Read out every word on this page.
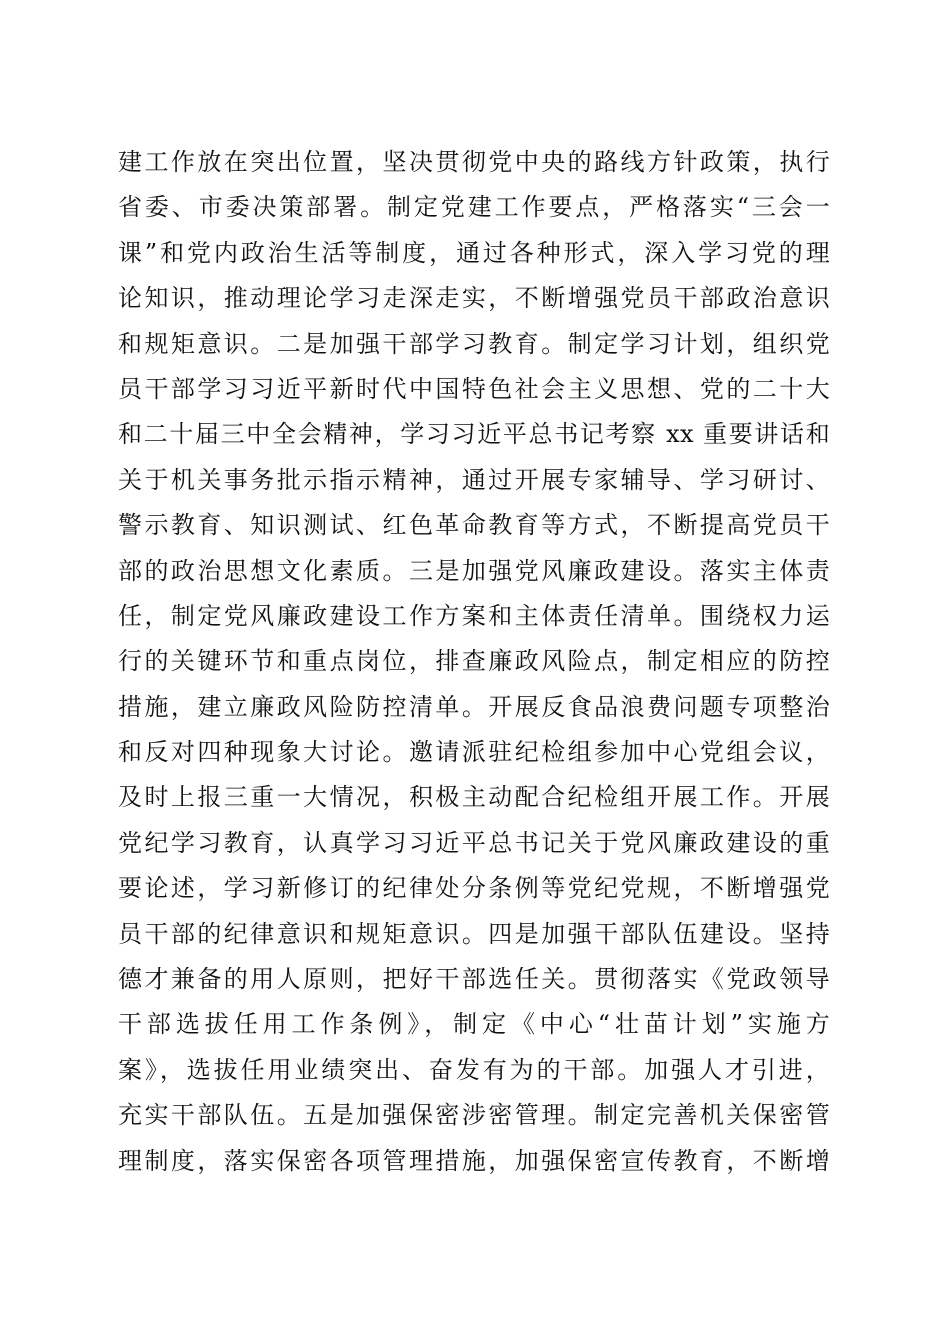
建工作放在突出位置，坚决贯彻党中央的路线方针政策，执行
省委、市委决策部署。制定党建工作要点，严格落实“三会一
课”和党内政治生活等制度，通过各种形式，深入学习党的理
论知识，推动理论学习走深走实，不断增强党员干部政治意识
和规矩意识。二是加强干部学习教育。制定学习计划，组织党
员干部学习习近平新时代中国特色社会主义思想、党的二十大
和二十届三中全会精神，学习习近平总书记考察 xx 重要讲话和
关于机关事务批示指示精神，通过开展专家辅导、学习研讨、
警示教育、知识测试、红色革命教育等方式，不断提高党员干
部的政治思想文化素质。三是加强党风廉政建设。落实主体责
任，制定党风廉政建设工作方案和主体责任清单。围绕权力运
行的关键环节和重点岗位，排查廉政风险点，制定相应的防控
措施，建立廉政风险防控清单。开展反食品浪费问题专项整治
和反对四种现象大讨论。邀请派驻纪检组参加中心党组会议，
及时上报三重一大情况，积极主动配合纪检组开展工作。开展
党纪学习教育，认真学习习近平总书记关于党风廉政建设的重
要论述，学习新修订的纪律处分条例等党纪党规，不断增强党
员干部的纪律意识和规矩意识。四是加强干部队伍建设。坚持
德才兼备的用人原则，把好干部选任关。贯彻落实《党政领导
干部选拔任用工作条例》，制定《中心“壮苗计划”实施方
案》，选拔任用业绩突出、奋发有为的干部。加强人才引进，
充实干部队伍。五是加强保密涉密管理。制定完善机关保密管
理制度，落实保密各项管理措施，加强保密宣传教育，不断增
